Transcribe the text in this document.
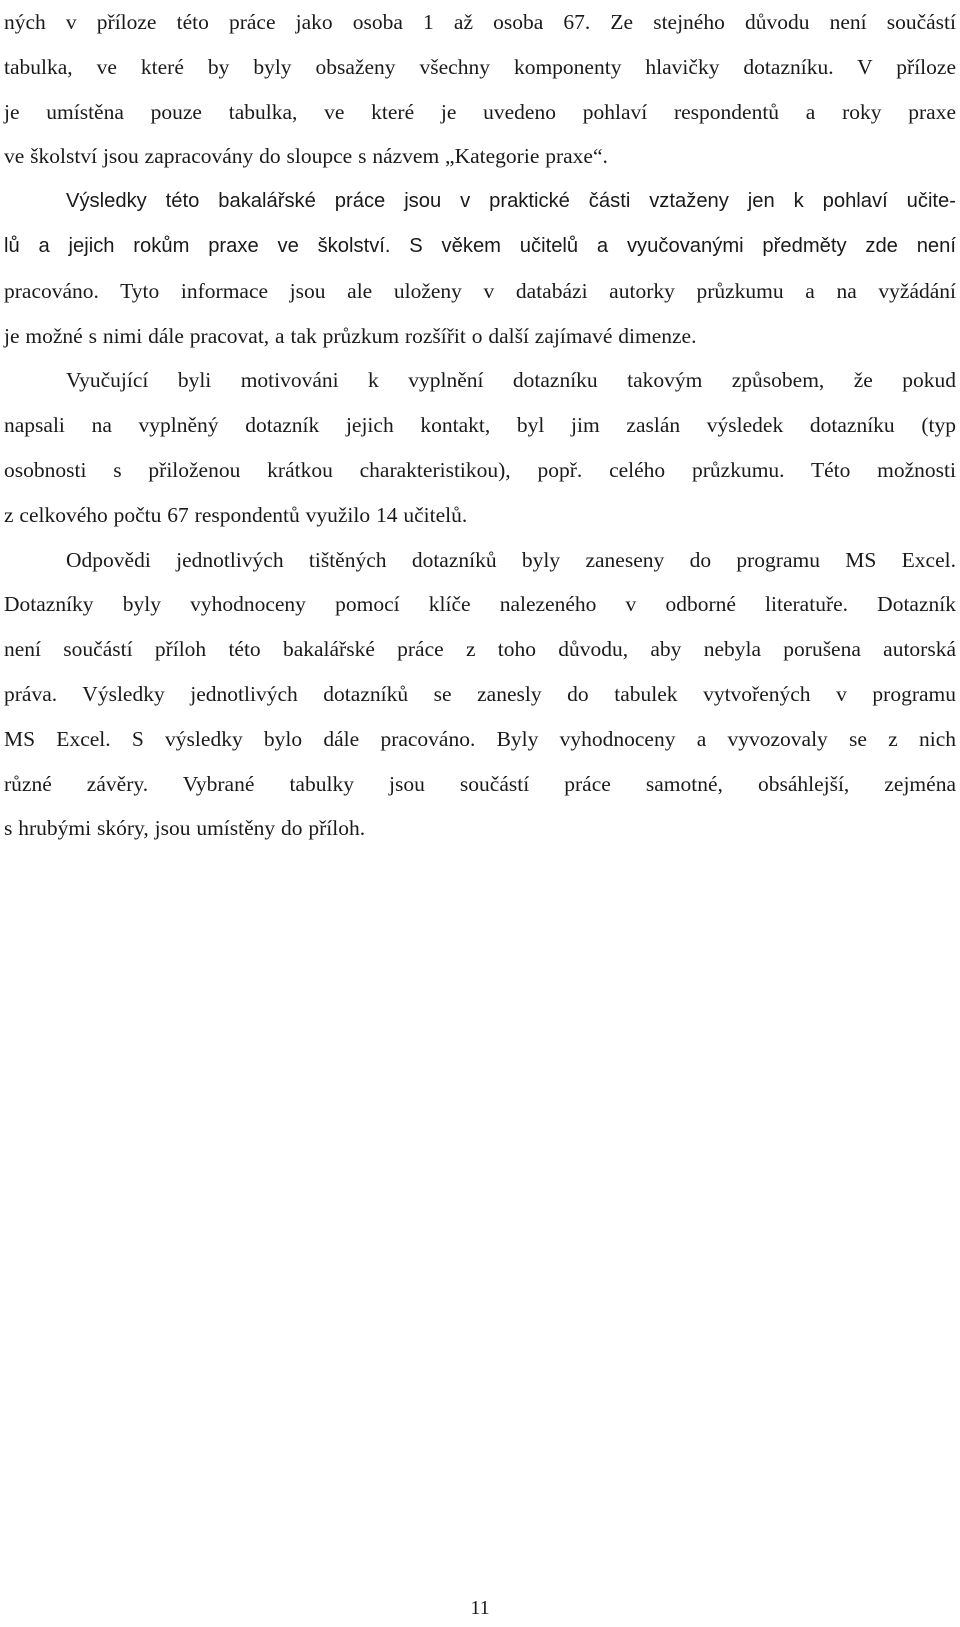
ných v příloze této práce jako osoba 1 až osoba 67. Ze stejného důvodu není součástí
tabulka, ve které by byly obsaženy všechny komponenty hlavičky dotazníku. V příloze
je umístěna pouze tabulka, ve které je uvedeno pohlaví respondentů a roky praxe
ve školství jsou zapracovány do sloupce s názvem „Kategorie praxe“.
Výsledky této bakalářské práce jsou v praktické části vztaženy jen k pohlaví učite-
lů a jejich rokům praxe ve školství. S věkem učitelů a vyučovanými předměty zde není
pracováno. Tyto informace jsou ale uloženy v databázi autorky průzkumu a na vyžádání
je možné s nimi dále pracovat, a tak průzkum rozšířit o další zajímavé dimenze.
Vyučující byli motivováni k vyplnění dotazníku takovým způsobem, že pokud
napsali na vyplněný dotazník jejich kontakt, byl jim zaslán výsledek dotazníku (typ
osobnosti s přiloženou krátkou charakteristikou), popř. celého průzkumu. Této možnosti
z celkového počtu 67 respondentů využilo 14 učitelů.
Odpovědi jednotlivých tištěných dotazníků byly zaneseny do programu MS Excel.
Dotazníky byly vyhodnoceny pomocí klíče nalezeného v odborné literatuře. Dotazník
není součástí příloh této bakalářské práce z toho důvodu, aby nebyla porušena autorská
práva. Výsledky jednotlivých dotazníků se zanesly do tabulek vytvořených v programu
MS Excel. S výsledky bylo dále pracováno. Byly vyhodnoceny a vyvozovaly se z nich
různé závěry. Vybrané tabulky jsou součástí práce samotné, obsáhlejší, zejména
s hrubými skóry, jsou umístěny do příloh.
11
